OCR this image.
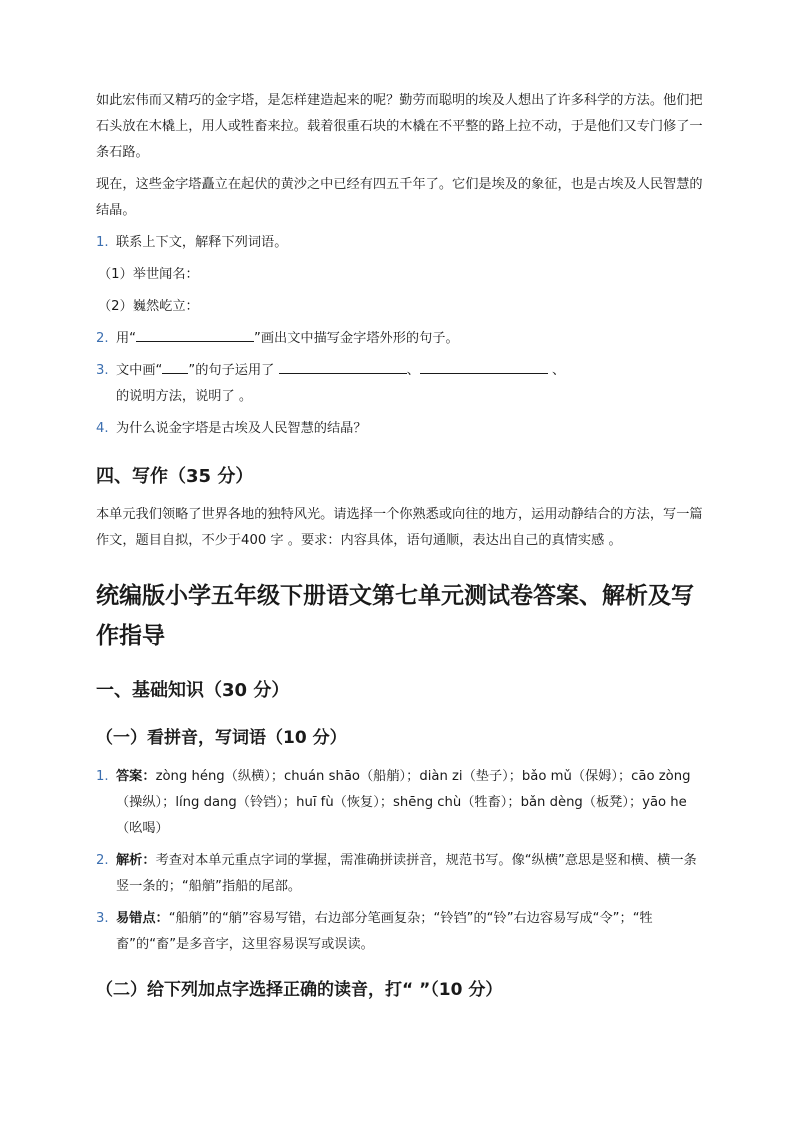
如此宏伟而又精巧的金字塔，是怎样建造起来的呢？勤劳而聪明的埃及人想出了许多科学的方法。他们把石头放在木橇上，用人或牲畜来拉。载着很重石块的木橇在不平整的路上拉不动，于是他们又专门修了一条石路。

现在，这些金字塔矗立在起伏的黄沙之中已经有四五千年了。它们是埃及的象征，也是古埃及人民智慧的结晶。

1. 联系上下文，解释下列词语。
（1）举世闻名：
（2）巍然屹立：
2. 用“	”画出文中描写金字塔外形的句子。
3. 文中画“ ”的句子运用了	、	、
的说明方法，说明了 。
4. 为什么说金字塔是古埃及人民智慧的结晶？
四、写作（35 分）

本单元我们领略了世界各地的独特风光。请选择一个你熟悉或向往的地方，运用动静结合的方法，写一篇作文，题目自拟，不少于400 字 。要求：内容具体，语句通顺，表达出自己的真情实感 。

统编版小学五年级下册语文第七单元测试卷答案、解析及写作指导
一、基础知识（30 分）
（一）看拼音，写词语（10 分）
1. 答案：zòng héng（纵横）；chuán shāo（船艄）；diàn zi（垫子）；bǎo mǔ（保姆）；cāo zòng（操纵）；líng dang（铃铛）；huī fù（恢复）；shēng chù（牲畜）；bǎn dèng（板凳）；yāo he（吆喝）
2. 解析：考查对本单元重点字词的掌握，需准确拼读拼音，规范书写。像“纵横”意思是竖和横、横一条竖一条的；“船艄”指船的尾部。
3. 易错点：“船艄”的“艄”容易写错，右边部分笔画复杂；“铃铛”的“铃”右边容易写成“令”；“牲畜”的“畜”是多音字，这里容易误写或误读。
（二）给下列加点字选择正确的读音，打“ ”（10 分）
